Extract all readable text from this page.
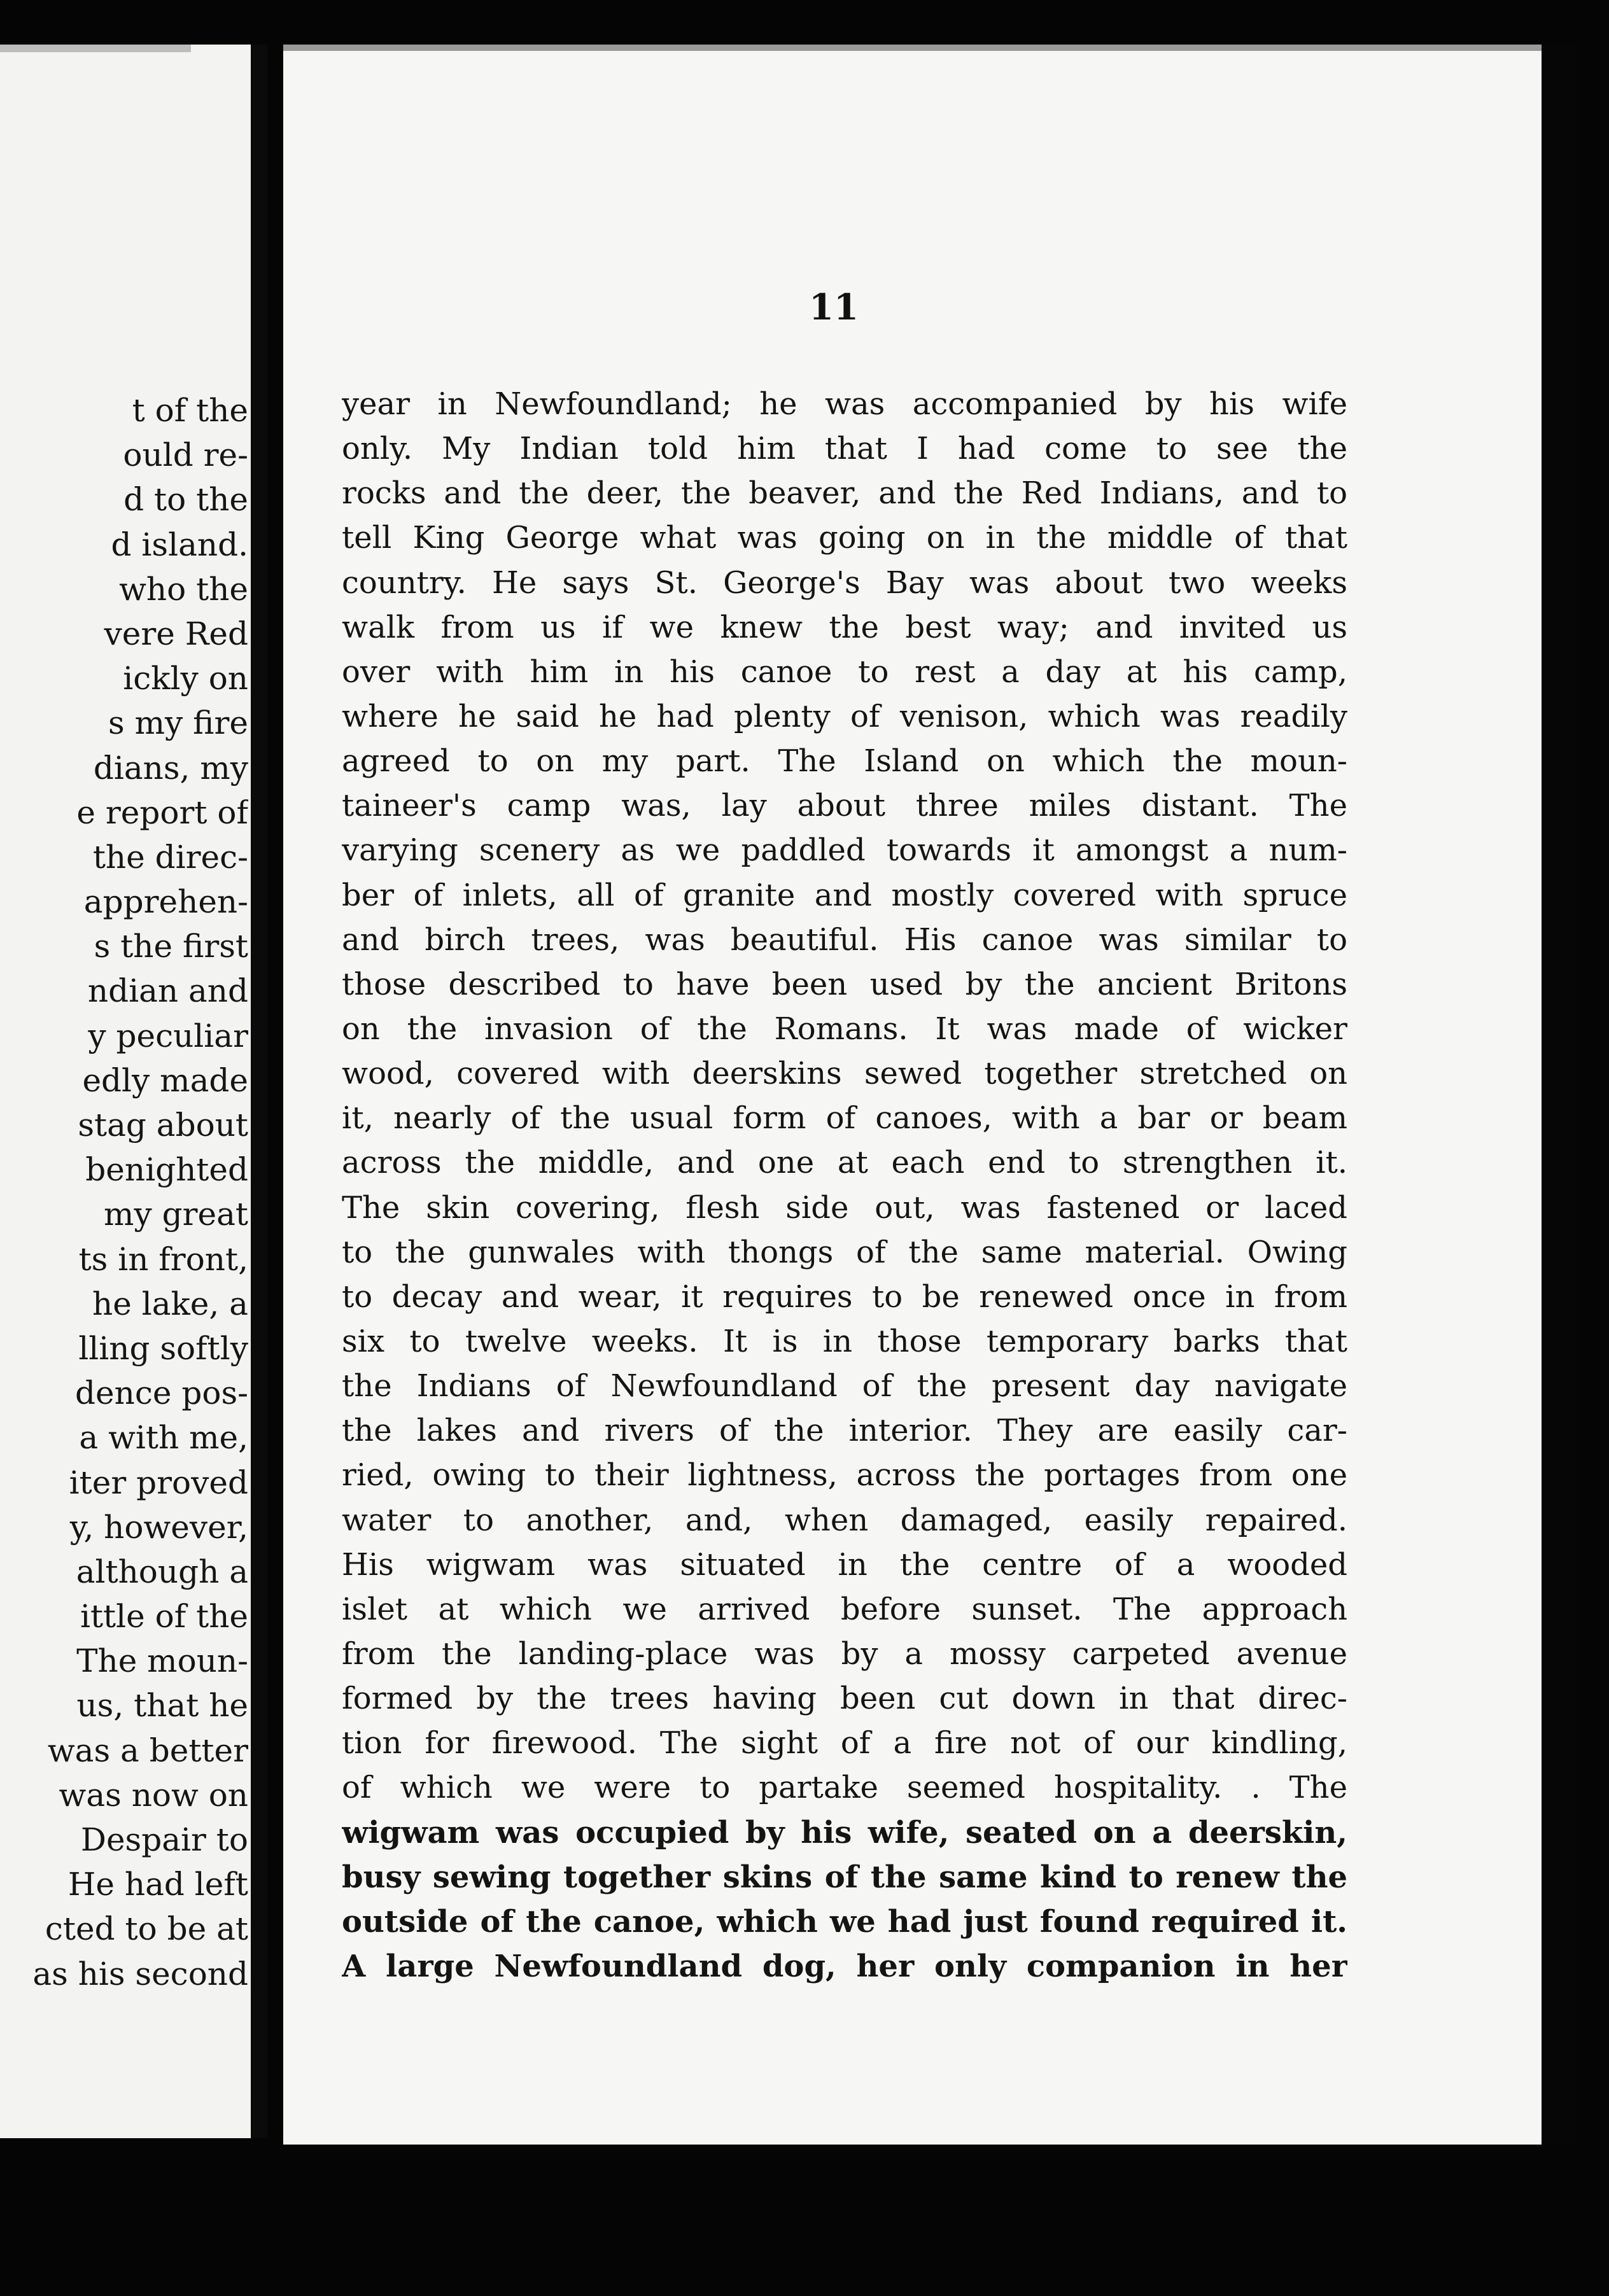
t of the
ould re-
d to the
d island.
who the
vere Red
ickly on
s my fire
dians, my
e report of
the direc-
apprehen-
s the first
ndian and
y peculiar
edly made
stag about
benighted
my great
ts in front,
he lake, a
lling softly
dence pos-
a with me,
iter proved
y, however,
although a
ittle of the
The moun-
us, that he
was a better
was now on
Despair to
He had left
cted to be at
as his second
11
year in Newfoundland; he was accompanied by his wife
only. My Indian told him that I had come to see the
rocks and the deer, the beaver, and the Red Indians, and to
tell King George what was going on in the middle of that
country. He says St. George's Bay was about two weeks
walk from us if we knew the best way; and invited us
over with him in his canoe to rest a day at his camp,
where he said he had plenty of venison, which was readily
agreed to on my part. The Island on which the moun-
taineer's camp was, lay about three miles distant. The
varying scenery as we paddled towards it amongst a num-
ber of inlets, all of granite and mostly covered with spruce
and birch trees, was beautiful. His canoe was similar to
those described to have been used by the ancient Britons
on the invasion of the Romans. It was made of wicker
wood, covered with deerskins sewed together stretched on
it, nearly of the usual form of canoes, with a bar or beam
across the middle, and one at each end to strengthen it.
The skin covering, flesh side out, was fastened or laced
to the gunwales with thongs of the same material. Owing
to decay and wear, it requires to be renewed once in from
six to twelve weeks. It is in those temporary barks that
the Indians of Newfoundland of the present day navigate
the lakes and rivers of the interior. They are easily car-
ried, owing to their lightness, across the portages from one
water to another, and, when damaged, easily repaired.
His wigwam was situated in the centre of a wooded
islet at which we arrived before sunset. The approach
from the landing-place was by a mossy carpeted avenue
formed by the trees having been cut down in that direc-
tion for firewood. The sight of a fire not of our kindling,
of which we were to partake seemed hospitality. . The
wigwam was occupied by his wife, seated on a deerskin,
busy sewing together skins of the same kind to renew the
outside of the canoe, which we had just found required it.
A large Newfoundland dog, her only companion in her
